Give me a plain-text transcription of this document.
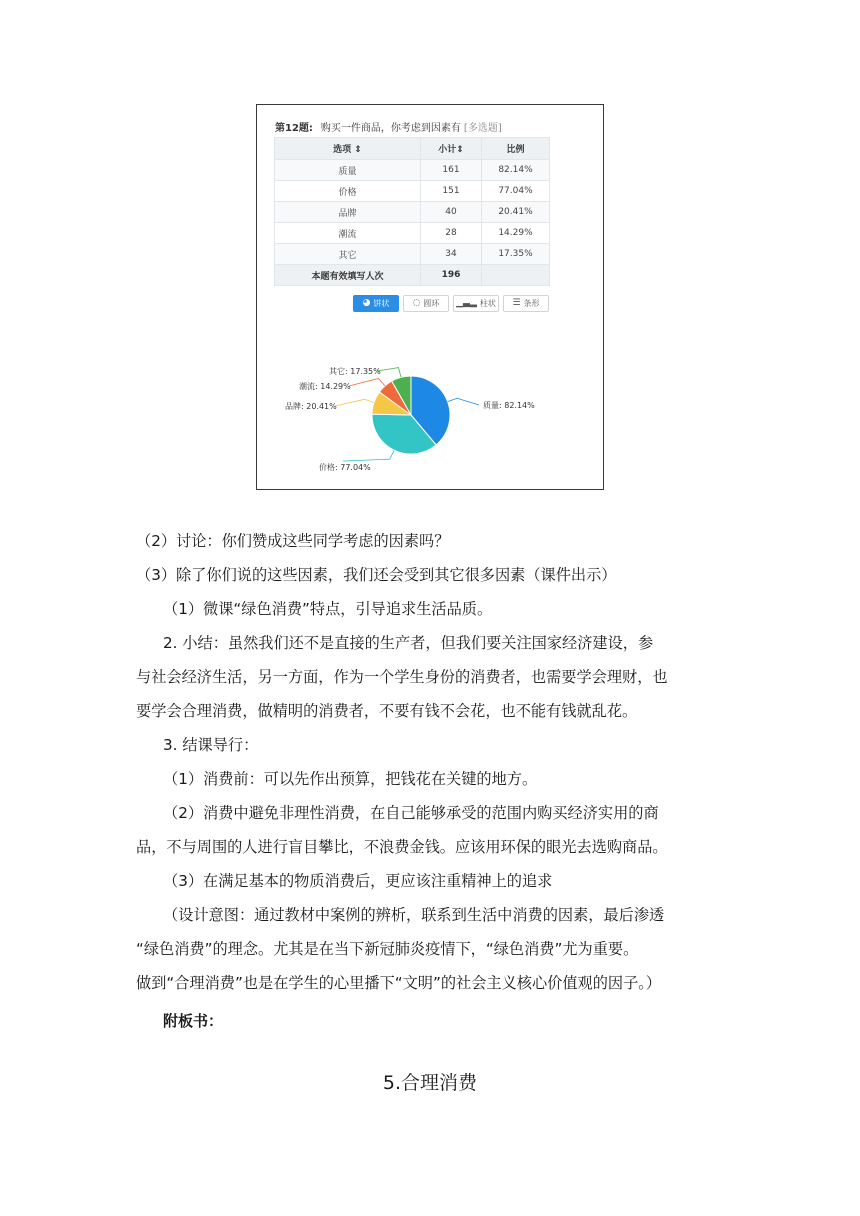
第12题: 购买一件商品，你考虑到因素有 [多选题]
选项 ⇕	小计⇕	比例
质量	161	82.14%
价格	151	77.04%
品牌	40	20.41%
潮流	28	14.29%
其它	34	17.35%
本题有效填写人次	196	
◕ 饼状	◌ 圆环 ▁▃▂ 柱状 ☰ 条形
质量: 82.14%
价格: 77.04%
品牌: 20.41%
潮流: 14.29%
其它: 17.35%

（2）讨论：你们赞成这些同学考虑的因素吗？

（3）除了你们说的这些因素，我们还会受到其它很多因素（课件出示）

（1）微课“绿色消费”特点，引导追求生活品质。

2. 小结：虽然我们还不是直接的生产者，但我们要关注国家经济建设，参

与社会经济生活，另一方面，作为一个学生身份的消费者，也需要学会理财，也

要学会合理消费，做精明的消费者，不要有钱不会花，也不能有钱就乱花。

3. 结课导行：

（1）消费前：可以先作出预算，把钱花在关键的地方。

（2）消费中避免非理性消费，在自己能够承受的范围内购买经济实用的商

品，不与周围的人进行盲目攀比，不浪费金钱。应该用环保的眼光去选购商品。

（3）在满足基本的物质消费后，更应该注重精神上的追求

（设计意图：通过教材中案例的辨析，联系到生活中消费的因素，最后渗透

“绿色消费”的理念。尤其是在当下新冠肺炎疫情下，“绿色消费”尤为重要。

做到“合理消费”也是在学生的心里播下“文明”的社会主义核心价值观的因子。）

附板书：

5.合理消费
